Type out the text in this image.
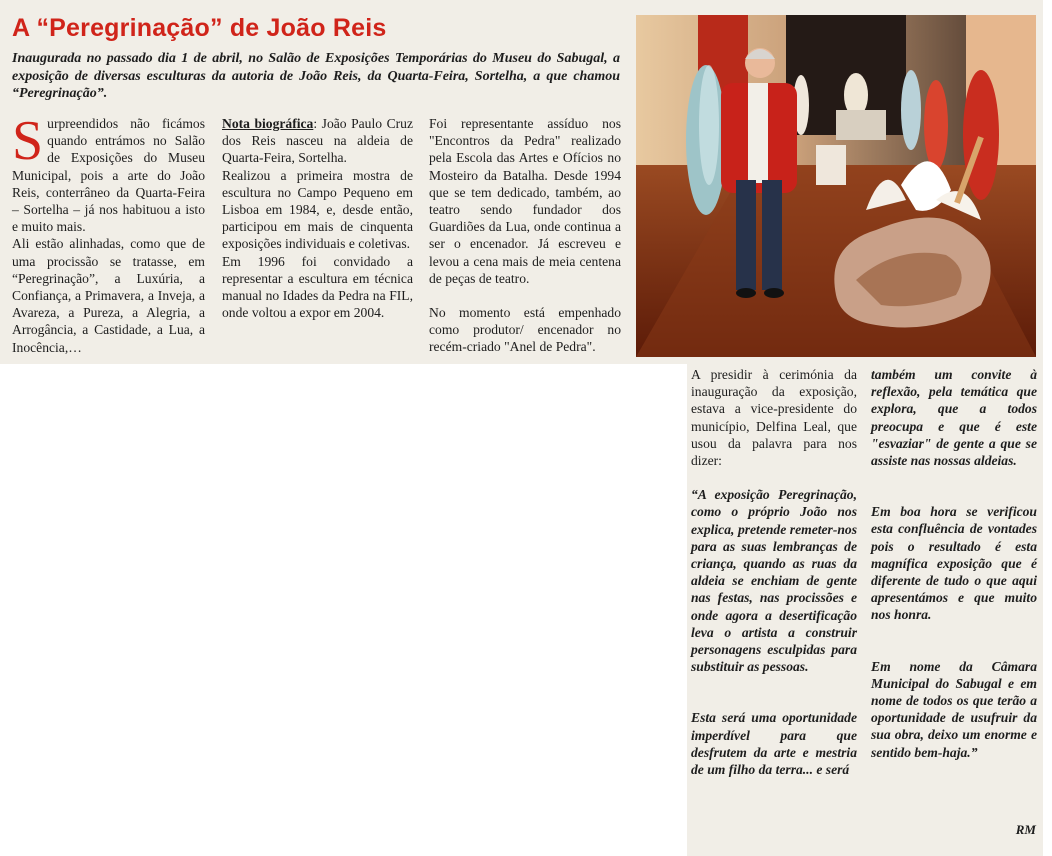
A “Peregrinação” de João Reis

Inaugurada no passado dia 1 de abril, no Salão de Exposições Temporárias do Museu do Sabugal, a exposição de diversas esculturas da autoria de João Reis, da Quarta-Feira, Sortelha, a que chamou “Peregrinação”.

Surpreendidos não ficámos quando entrámos no Salão de Exposições do Museu Municipal, pois a arte do João Reis, conterrâneo da Quarta-Feira – Sortelha – já nos habituou a isto e muito mais.

Ali estão alinhadas, como que de uma procissão se tratasse, em “Peregrinação”, a Luxúria, a Confiança, a Primavera, a Inveja, a Avareza, a Pureza, a Alegria, a Arrogância, a Castidade, a Lua, a Inocência,…

Nota biográfica: João Paulo Cruz dos Reis nasceu na aldeia de Quarta-Feira, Sortelha.

Realizou a primeira mostra de escultura no Campo Pequeno em Lisboa em 1984, e, desde então, participou em mais de cinquenta exposições individuais e coletivas.

Em 1996 foi convidado a representar a escultura em técnica manual no Idades da Pedra na FIL, onde voltou a expor em 2004.

Foi representante assíduo nos "Encontros da Pedra" realizado pela Escola das Artes e Ofícios no Mosteiro da Batalha. Desde 1994 que se tem dedicado, também, ao teatro sendo fundador dos Guardiões da Lua, onde continua a ser o encenador. Já escreveu e levou a cena mais de meia centena de peças de teatro.

No momento está empenhado como produtor/ encenador no recém-criado "Anel de Pedra".

A presidir à cerimónia da inauguração da exposição, estava a vice-presidente do município, Delfina Leal, que usou da palavra para nos dizer:

“A exposição Peregrinação, como o próprio João nos explica, pretende remeter-nos para as suas lembranças de criança, quando as ruas da aldeia se enchiam de gente nas festas, nas procissões e onde agora a desertificação leva o artista a construir personagens esculpidas para substituir as pessoas.

Esta será uma oportunidade imperdível para que desfrutem da arte e mestria de um filho da terra... e será

também um convite à reflexão, pela temática que explora, que a todos preocupa e que é este "esvaziar" de gente a que se assiste nas nossas aldeias.

Em boa hora se verificou esta confluência de vontades pois o resultado é esta magnífica exposição que é diferente de tudo o que aqui apresentámos e que muito nos honra.

Em nome da Câmara Municipal do Sabugal e em nome de todos os que terão a oportunidade de usufruir da sua obra, deixo um enorme e sentido bem-haja.”

RM
